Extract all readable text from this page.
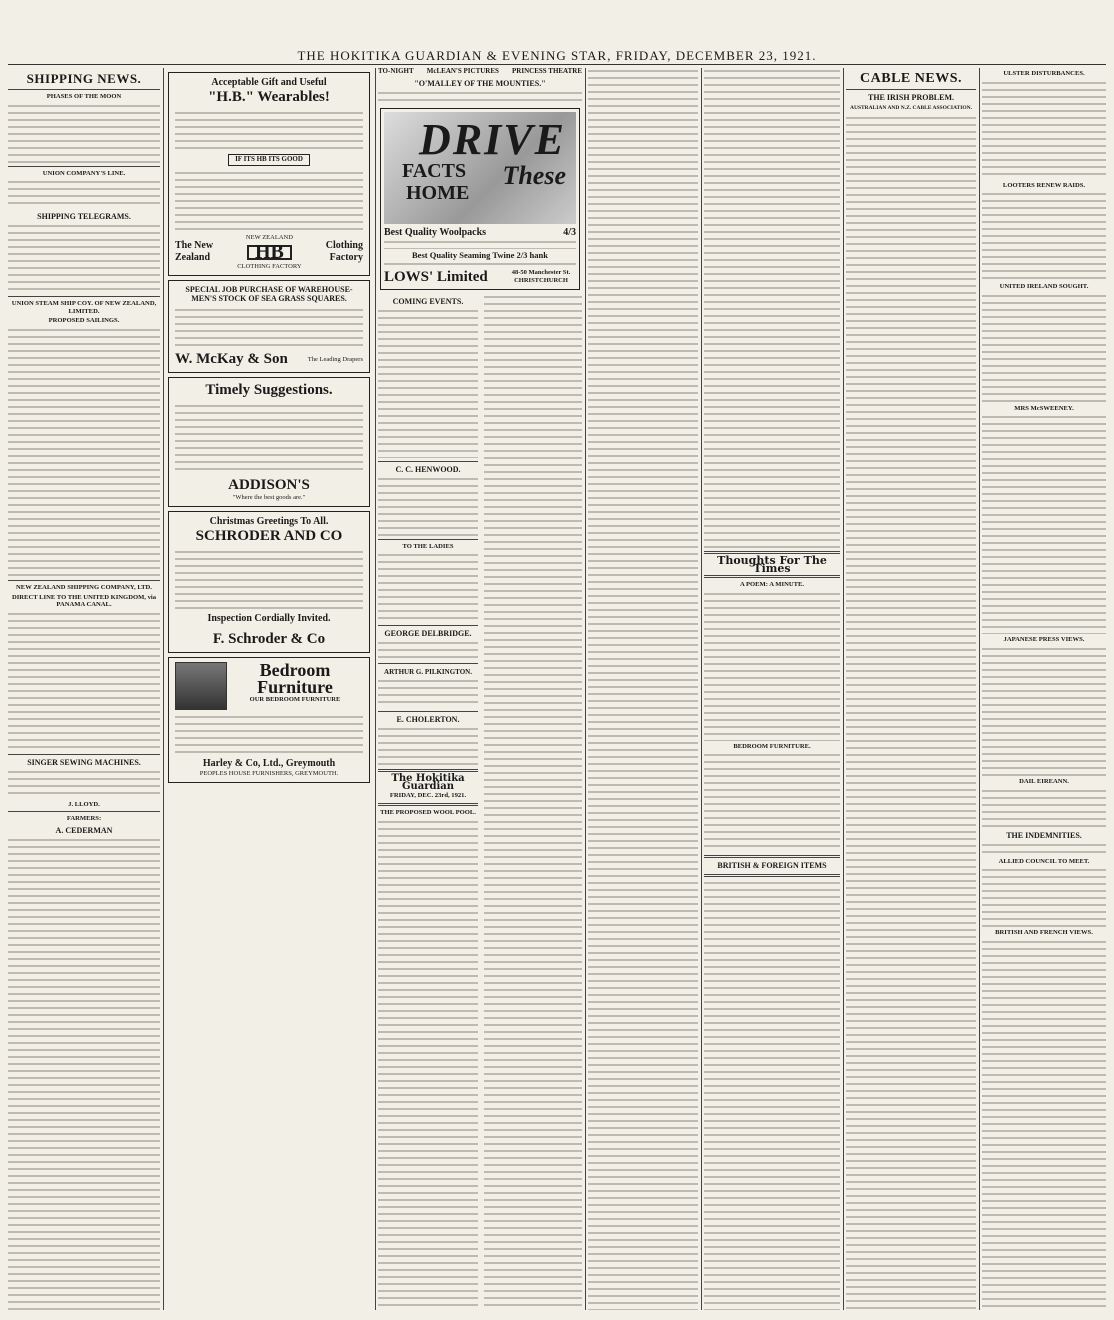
THE HOKITIKA GUARDIAN & EVENING STAR, FRIDAY, DECEMBER 23, 1921.
SHIPPING NEWS.
PHASES OF THE MOON
UNION COMPANY'S LINE.
SHIPPING TELEGRAMS.
UNION STEAM SHIP COY. OF NEW ZEALAND, LIMITED.
PROPOSED SAILINGS.
NEW ZEALAND SHIPPING COMPANY, LTD.
DIRECT LINE TO THE UNITED KINGDOM, via PANAMA CANAL.
SINGER SEWING MACHINES.
J. LLOYD.
FARMERS:
A. CEDERMAN
Acceptable Gift and Useful
"H.B." Wearables!
IF ITS HB ITS GOOD
The New
Zealand
NEW ZEALAND
HB
CLOTHING FACTORY
Clothing
Factory
SPECIAL JOB PURCHASE OF WAREHOUSE-MEN'S STOCK OF SEA GRASS SQUARES.
W. McKay & Son	The Leading Drapers
Timely Suggestions.
ADDISON'S
"Where the best goods are."
Christmas Greetings To All.
SCHRODER AND CO
Inspection Cordially Invited.
F. Schroder & Co
Bedroom Furniture
OUR BEDROOM FURNITURE
Harley & Co, Ltd., Greymouth
PEOPLES HOUSE FURNISHERS, GREYMOUTH.
TO-NIGHT McLEAN'S PICTURES PRINCESS THEATRE
"O'MALLEY OF THE MOUNTIES."
DRIVE
FACTS
HOME
These
Best Quality Woolpacks	4/3
Best Quality Seaming Twine 2/3 hank
LOWS' Limited	48-50 Manchester St. CHRISTCHURCH
COMING EVENTS.
C. C. HENWOOD.
TO THE LADIES
GEORGE DELBRIDGE.
ARTHUR G. PILKINGTON.
E. CHOLERTON.
The Hokitika Guardian
FRIDAY, DEC. 23rd, 1921.
THE PROPOSED WOOL POOL.
Thoughts For The Times
A POEM: A MINUTE.
BEDROOM FURNITURE.
BRITISH & FOREIGN ITEMS
CABLE NEWS.
THE IRISH PROBLEM.
AUSTRALIAN AND N.Z. CABLE ASSOCIATION.
ULSTER DISTURBANCES.
LOOTERS RENEW RAIDS.
UNITED IRELAND SOUGHT.
MRS McSWEENEY.
JAPANESE PRESS VIEWS.
DAIL EIREANN.
THE INDEMNITIES.
ALLIED COUNCIL TO MEET.
BRITISH AND FRENCH VIEWS.
